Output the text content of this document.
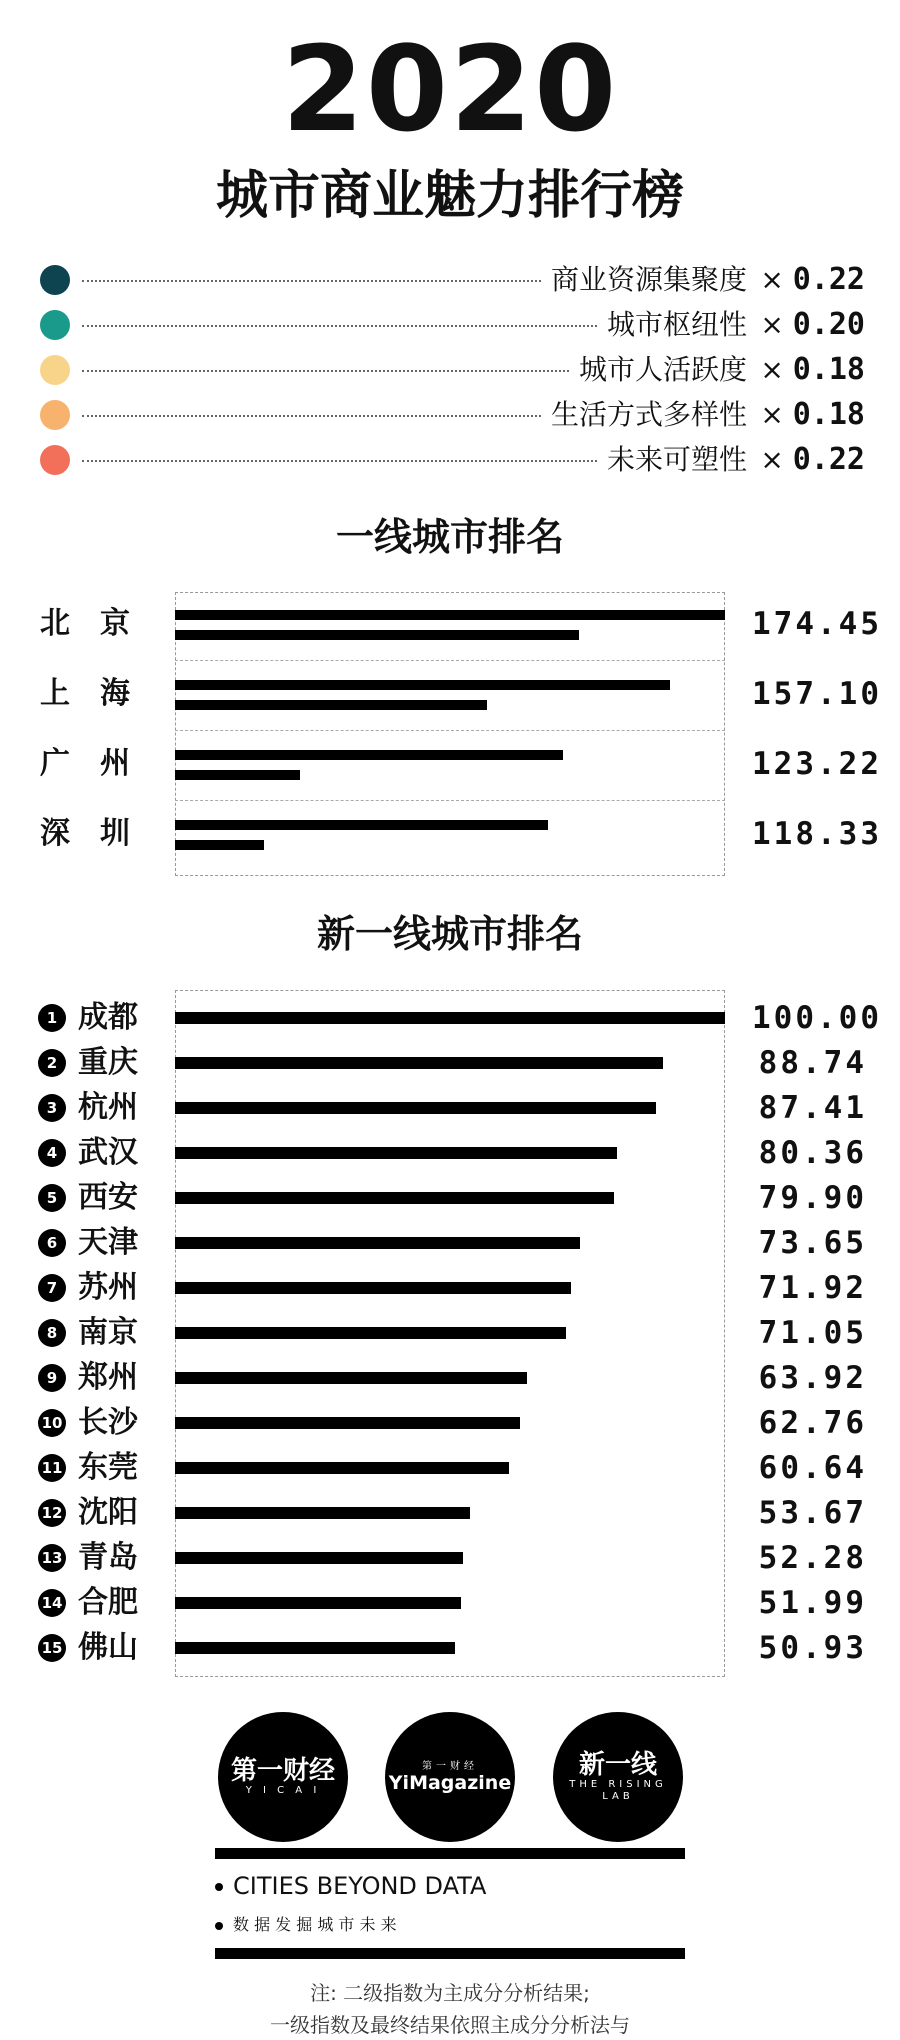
2020
城市商业魅力排行榜
商业资源集聚度 × 0.22
城市枢纽性 × 0.20
城市人活跃度 × 0.18
生活方式多样性 × 0.18
未来可塑性 × 0.22
一线城市排名
北　京	174.45
上　海	157.10
广　州	123.22
深　圳	118.33
新一线城市排名
1 成都	100.00
2 重庆	88.74
3 杭州	87.41
4 武汉	80.36
5 西安	79.90
6 天津	73.65
7 苏州	71.92
8 南京	71.05
9 郑州	63.92
10 长沙	62.76
11 东莞	60.64
12 沈阳	53.67
13 青岛	52.28
14 合肥	51.99
15 佛山	50.93
第一财经
Y I C A I
第一财经
YiMagazine
新一线
THE RISING LAB
CITIES BEYOND DATA
数 据 发 掘 城 市 未 来
注: 二级指数为主成分分析结果;
一级指数及最终结果依照主成分分析法与
